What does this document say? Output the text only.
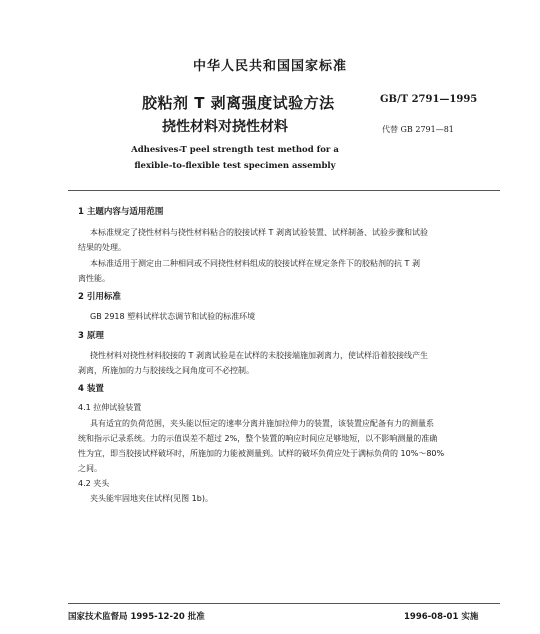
中华人民共和国国家标准
胶粘剂 T 剥离强度试验方法
挠性材料对挠性材料
GB/T 2791—1995
代替 GB 2791—81
Adhesives-T peel strength test method for a
flexible-to-flexible test specimen assembly
1 主题内容与适用范围
本标准规定了挠性材料与挠性材料粘合的胶接试样 T 剥离试验装置、试样制备、试验步骤和试验
结果的处理。
本标准适用于测定由二种相同或不同挠性材料组成的胶接试样在规定条件下的胶粘剂的抗 T 剥
离性能。
2 引用标准
GB 2918 塑料试样状态调节和试验的标准环境
3 原理
挠性材料对挠性材料胶接的 T 剥离试验是在试样的未胶接端施加剥离力，使试样沿着胶接线产生
剥离，所施加的力与胶接线之间角度可不必控制。
4 装置
4.1 拉伸试验装置
具有适宜的负荷范围，夹头能以恒定的速率分离并施加拉伸力的装置，该装置应配备有力的测量系
统和指示记录系统。力的示值误差不超过 2%，整个装置的响应时间应足够地短，以不影响测量的准确
性为宜，即当胶接试样破坏时，所施加的力能被测量到。试样的破坏负荷应处于满标负荷的 10%～80%
之间。
4.2 夹头
夹头能牢固地夹住试样(见图 1b)。
国家技术监督局 1995-12-20 批准	1996-08-01 实施
